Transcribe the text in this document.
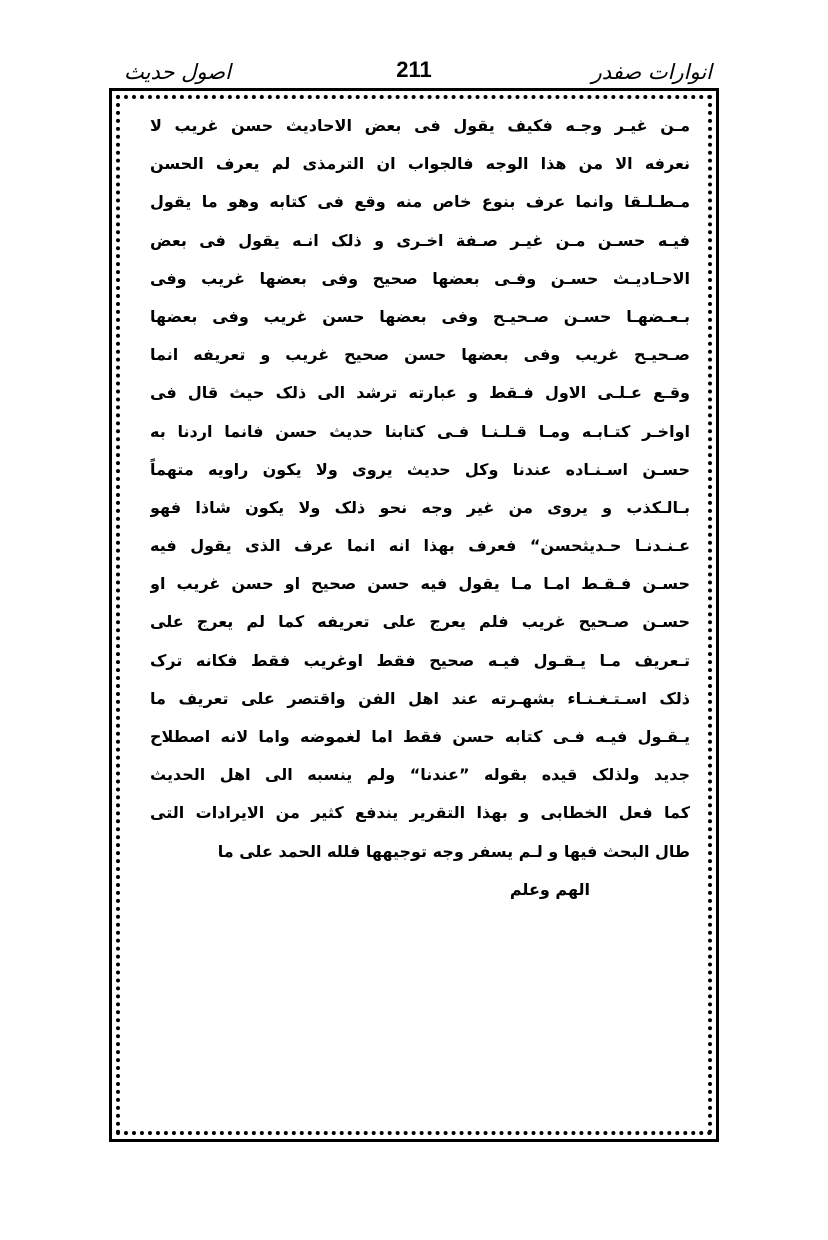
اصول حدیث	211	انوارات صفدر
مـن غيـر وجـه فكيف يقول فى بعض الاحاديث حسن غريب لا
نعرفه الا من هذا الوجه فالجواب ان الترمذى لم يعرف الحسن
مـطـلـقا وانما عرف بنوع خاص منه وقع فى كتابه وهو ما يقول
فيـه حسـن مـن غيـر صـفة اخـرى و ذلک انـه يقول فى بعض
الاحـاديـث حسـن وفـى بعضها صحيح وفى بعضها غريب وفى
بـعـضهـا حسـن صـحيـح وفى بعضها حسن غريب وفى بعضها
صـحيـح غريب وفى بعضها حسن صحيح غريب و تعريفه انما
وقـع عـلـى الاول فـقط و عبارته ترشد الى ذلک حيث قال فى
اواخـر كتـابـه ومـا قـلـنـا فـى كتابنا حديث حسن فانما اردنا به
حسـن اسـنـاده عندنا وكل حديث يروى ولا يكون راويه متهماً
بـالـكذب و يروى من غير وجه نحو ذلک ولا يكون شاذا فهو
عـنـدنـا حـديثحسن“ فعرف بهذا انه انما عرف الذى يقول فيه
حسـن فـقـط امـا مـا يقول فيه حسن صحيح او حسن غريب او
حسـن صـحيح غريب فلم يعرج على تعريفه كما لم يعرج على
تـعريف مـا يـقـول فيـه صحيح فقط اوغريب فقط فكانه ترک
ذلک اسـتـغـنـاء بشهـرته عند اهل الفن واقتصر على تعريف ما
يـقـول فيـه فـى كتابه حسن فقط اما لغموضه واما لانه اصطلاح
جديد ولذلک قيده بقوله ”عندنا“ ولم ينسبه الى اهل الحديث
كما فعل الخطابى و بهذا التقرير يندفع كثير من الايرادات التى
طال البحث فيها و لـم يسفر وجه توجيهها فلله الحمد على ما
الهم وعلم
